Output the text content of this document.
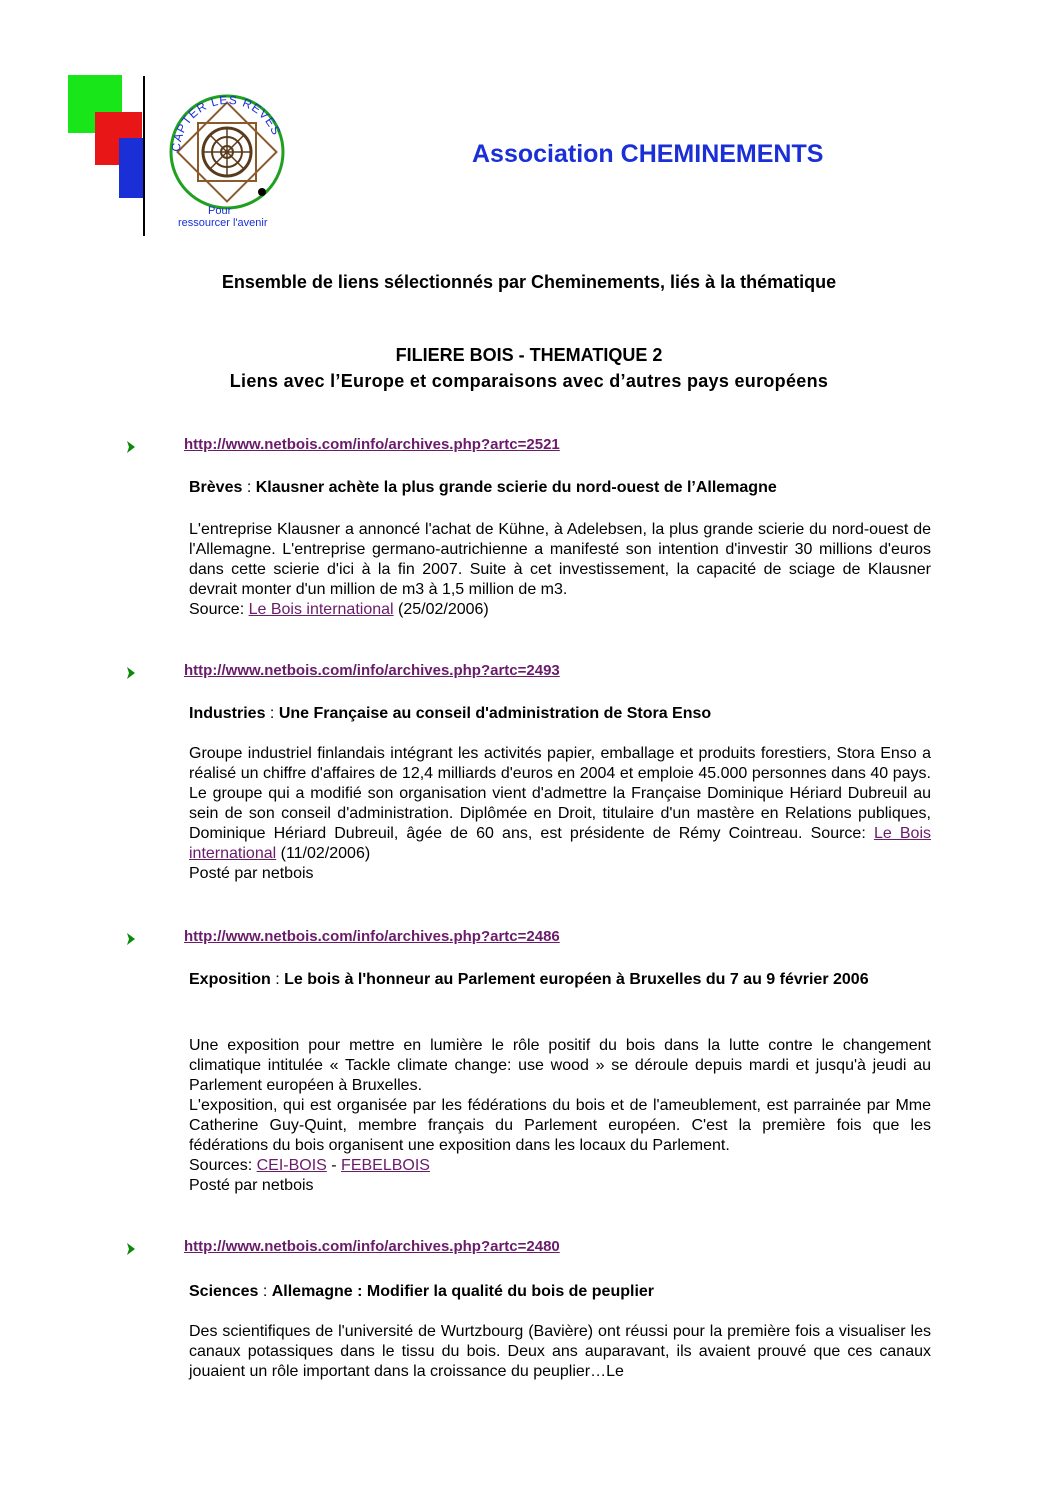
CAPTER LES REVES
Pour
ressourcer l'avenir
Association CHEMINEMENTS
Ensemble de liens sélectionnés par Cheminements, liés à la thématique
FILIERE BOIS - THEMATIQUE 2
Liens avec l’Europe et comparaisons avec d’autres pays européens
http://www.netbois.com/info/archives.php?artc=2521
Brèves : Klausner achète la plus grande scierie du nord-ouest de l’Allemagne

L'entreprise Klausner a annoncé l'achat de Kühne, à Adelebsen, la plus grande scierie du nord-ouest de l'Allemagne. L'entreprise germano-autrichienne a manifesté son intention d'investir 30 millions d'euros dans cette scierie d'ici à la fin 2007. Suite à cet investissement, la capacité de sciage de Klausner devrait monter d'un million de m3 à 1,5 million de m3.

Source: Le Bois international (25/02/2006)

http://www.netbois.com/info/archives.php?artc=2493
Industries : Une Française au conseil d'administration de Stora Enso

Groupe industriel finlandais intégrant les activités papier, emballage et produits forestiers, Stora Enso a réalisé un chiffre d'affaires de 12,4 milliards d'euros en 2004 et emploie 45.000 personnes dans 40 pays. Le groupe qui a modifié son organisation vient d'admettre la Française Dominique Hériard Dubreuil au sein de son conseil d'administration. Diplômée en Droit, titulaire d'un mastère en Relations publiques, Dominique Hériard Dubreuil, âgée de 60 ans, est présidente de Rémy Cointreau. Source: Le Bois international (11/02/2006)

Posté par netbois

http://www.netbois.com/info/archives.php?artc=2486
Exposition : Le bois à l'honneur au Parlement européen à Bruxelles du 7 au 9 février 2006

Une exposition pour mettre en lumière le rôle positif du bois dans la lutte contre le changement climatique intitulée « Tackle climate change: use wood » se déroule depuis mardi et jusqu'à jeudi au Parlement européen à Bruxelles.

L'exposition, qui est organisée par les fédérations du bois et de l'ameublement, est parrainée par Mme Catherine Guy-Quint, membre français du Parlement européen. C'est la première fois que les fédérations du bois organisent une exposition dans les locaux du Parlement.

Sources: CEI-BOIS - FEBELBOIS

Posté par netbois

http://www.netbois.com/info/archives.php?artc=2480
Sciences : Allemagne : Modifier la qualité du bois de peuplier

Des scientifiques de l'université de Wurtzbourg (Bavière) ont réussi pour la première fois a visualiser les canaux potassiques dans le tissu du bois. Deux ans auparavant, ils avaient prouvé que ces canaux jouaient un rôle important dans la croissance du peuplier…Le
